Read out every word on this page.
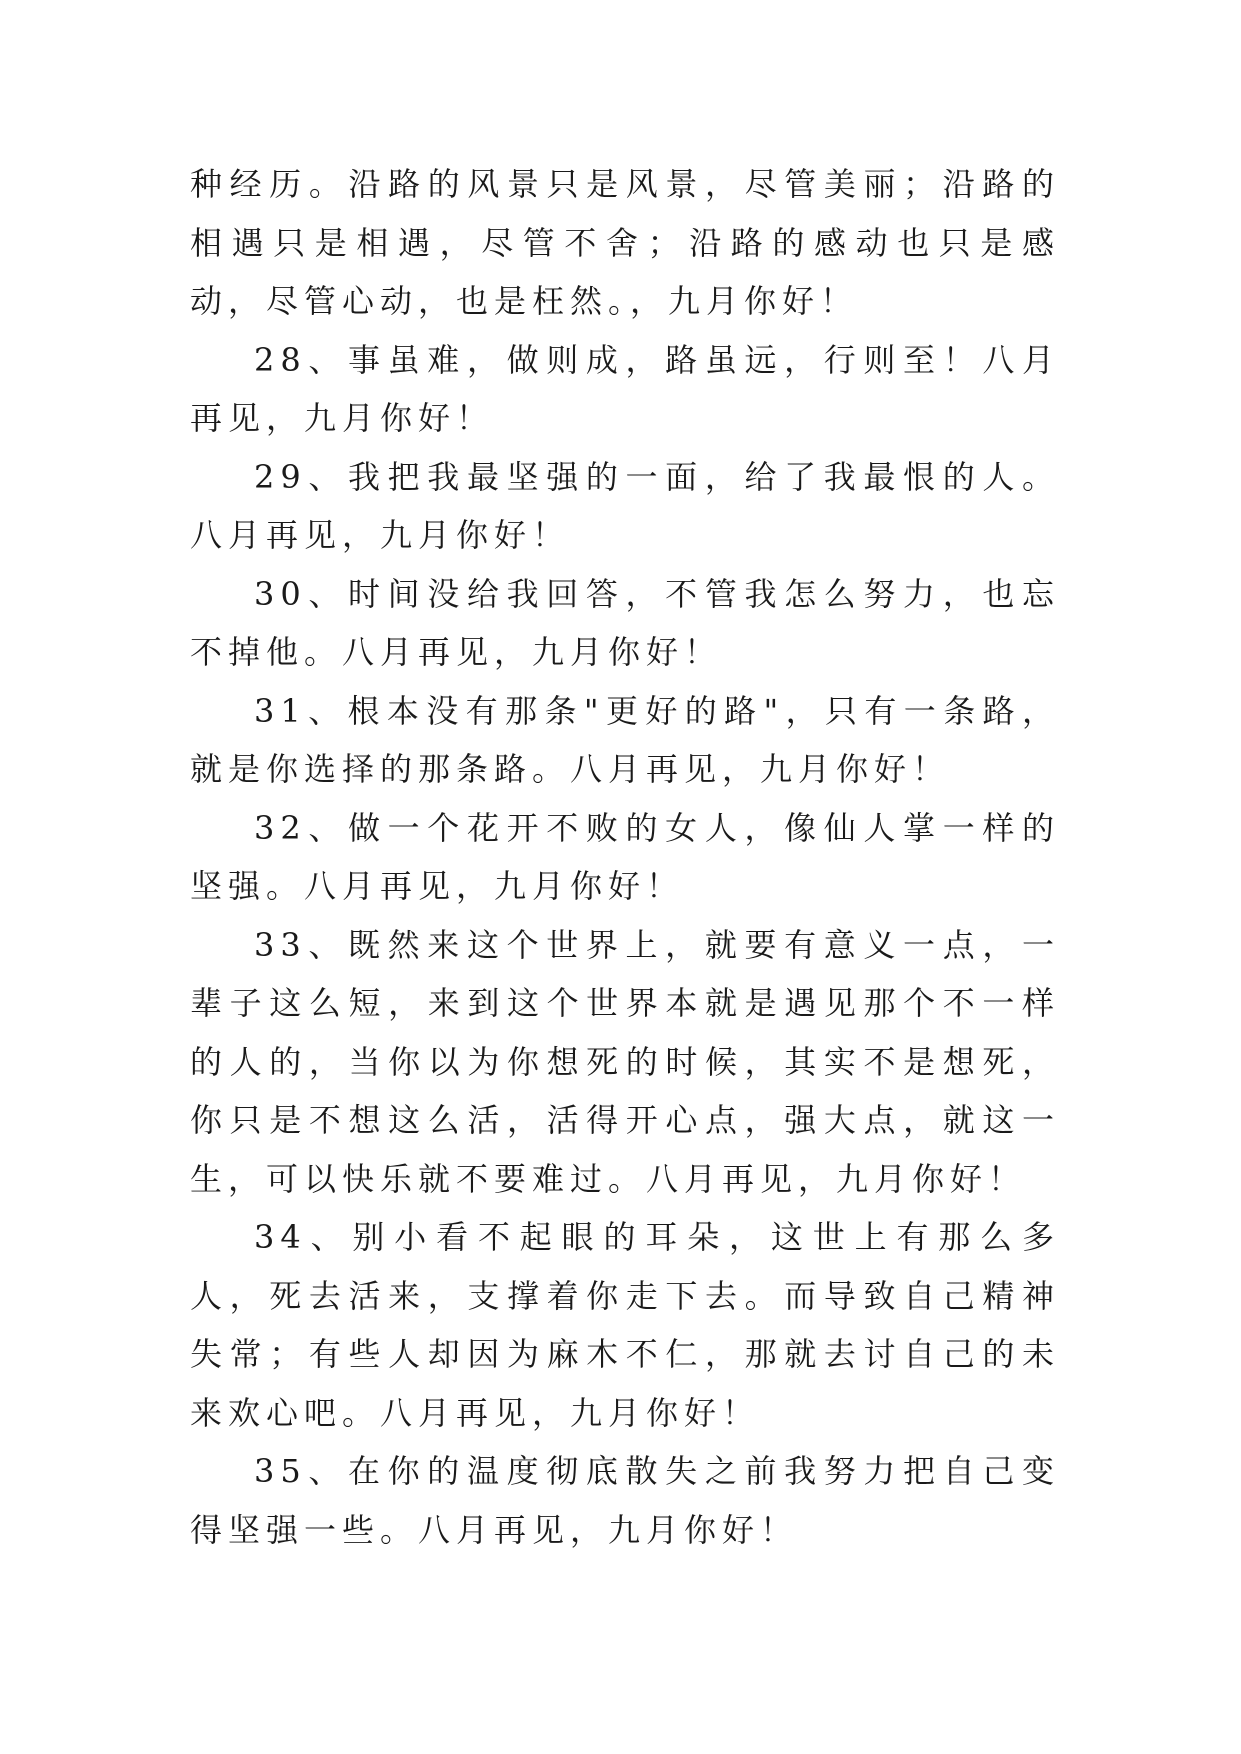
种经历。沿路的风景只是风景，尽管美丽；沿路的相遇只是相遇，尽管不舍；沿路的感动也只是感动，尽管心动，也是枉然。，九月你好！

28、事虽难，做则成，路虽远，行则至！八月再见，九月你好！

29、我把我最坚强的一面，给了我最恨的人。八月再见，九月你好！

30、时间没给我回答，不管我怎么努力，也忘不掉他。八月再见，九月你好！

31、根本没有那条"更好的路"，只有一条路，就是你选择的那条路。八月再见，九月你好！

32、做一个花开不败的女人，像仙人掌一样的坚强。八月再见，九月你好！

33、既然来这个世界上，就要有意义一点，一辈子这么短，来到这个世界本就是遇见那个不一样的人的，当你以为你想死的时候，其实不是想死，你只是不想这么活，活得开心点，强大点，就这一生，可以快乐就不要难过。八月再见，九月你好！

34、别小看不起眼的耳朵，这世上有那么多人，死去活来，支撑着你走下去。而导致自己精神失常；有些人却因为麻木不仁，那就去讨自己的未来欢心吧。八月再见，九月你好！

35、在你的温度彻底散失之前我努力把自己变得坚强一些。八月再见，九月你好！
